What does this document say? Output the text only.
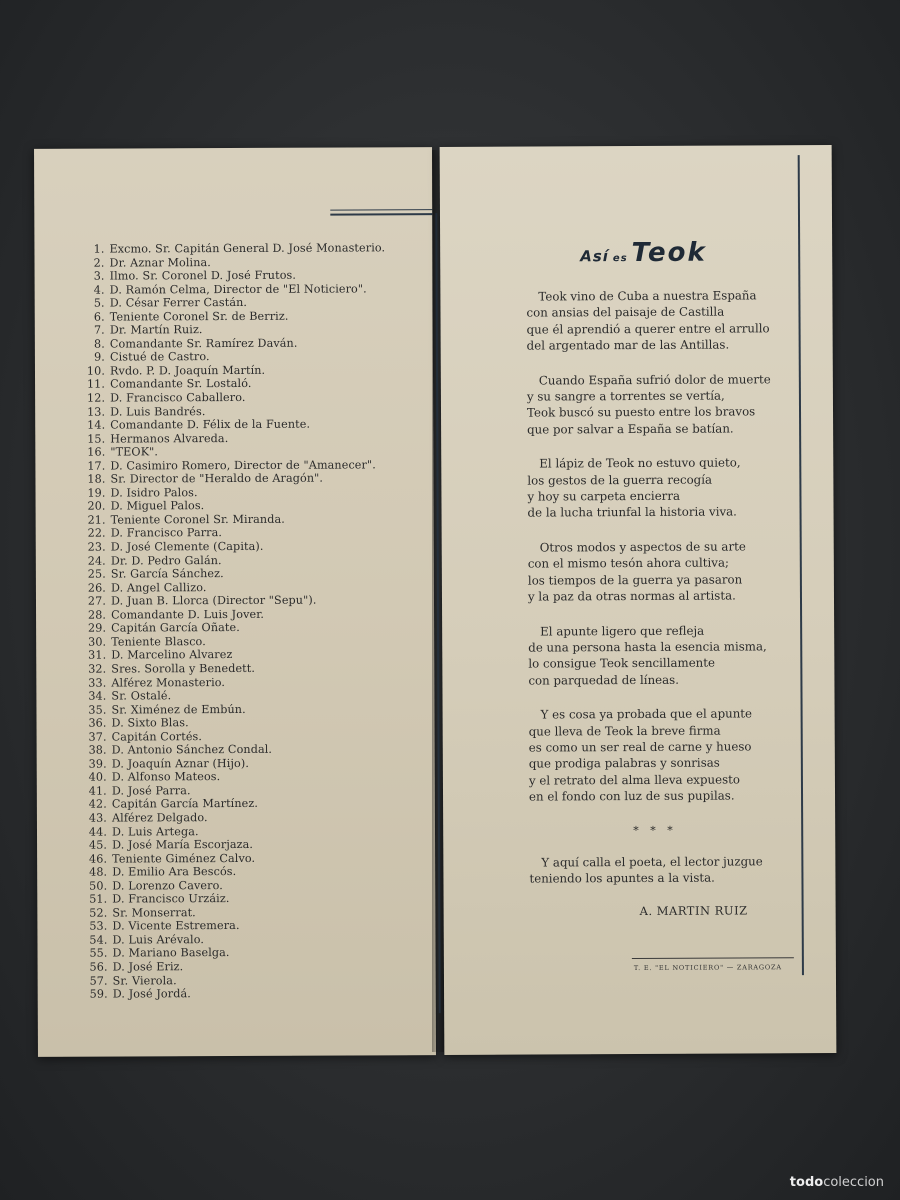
1. Excmo. Sr. Capitán General D. José Monasterio.
2. Dr. Aznar Molina.
3. Ilmo. Sr. Coronel D. José Frutos.
4. D. Ramón Celma, Director de "El Noticiero".
5. D. César Ferrer Castán.
6. Teniente Coronel Sr. de Berriz.
7. Dr. Martín Ruiz.
8. Comandante Sr. Ramírez Daván.
9. Cistué de Castro.
10. Rvdo. P. D. Joaquín Martín.
11. Comandante Sr. Lostaló.
12. D. Francisco Caballero.
13. D. Luis Bandrés.
14. Comandante D. Félix de la Fuente.
15. Hermanos Alvareda.
16. "TEOK".
17. D. Casimiro Romero, Director de "Amanecer".
18. Sr. Director de "Heraldo de Aragón".
19. D. Isidro Palos.
20. D. Miguel Palos.
21. Teniente Coronel Sr. Miranda.
22. D. Francisco Parra.
23. D. José Clemente (Capita).
24. Dr. D. Pedro Galán.
25. Sr. García Sánchez.
26. D. Angel Callizo.
27. D. Juan B. Llorca (Director "Sepu").
28. Comandante D. Luis Jover.
29. Capitán García Oñate.
30. Teniente Blasco.
31. D. Marcelino Alvarez
32. Sres. Sorolla y Benedett.
33. Alférez Monasterio.
34. Sr. Ostalé.
35. Sr. Ximénez de Embún.
36. D. Sixto Blas.
37. Capitán Cortés.
38. D. Antonio Sánchez Condal.
39. D. Joaquín Aznar (Hijo).
40. D. Alfonso Mateos.
41. D. José Parra.
42. Capitán García Martínez.
43. Alférez Delgado.
44. D. Luis Artega.
45. D. José María Escorjaza.
46. Teniente Giménez Calvo.
48. D. Emilio Ara Bescós.
50. D. Lorenzo Cavero.
51. D. Francisco Urzáiz.
52. Sr. Monserrat.
53. D. Vicente Estremera.
54. D. Luis Arévalo.
55. D. Mariano Baselga.
56. D. José Eriz.
57. Sr. Vierola.
59. D. José Jordá.
Así es Teok
Teok vino de Cuba a nuestra España
con ansias del paisaje de Castilla
que él aprendió a querer entre el arrullo
del argentado mar de las Antillas.
Cuando España sufrió dolor de muerte
y su sangre a torrentes se vertía,
Teok buscó su puesto entre los bravos
que por salvar a España se batían.
El lápiz de Teok no estuvo quieto,
los gestos de la guerra recogía
y hoy su carpeta encierra
de la lucha triunfal la historia viva.
Otros modos y aspectos de su arte
con el mismo tesón ahora cultiva;
los tiempos de la guerra ya pasaron
y la paz da otras normas al artista.
El apunte ligero que refleja
de una persona hasta la esencia misma,
lo consigue Teok sencillamente
con parquedad de líneas.
Y es cosa ya probada que el apunte
que lleva de Teok la breve firma
es como un ser real de carne y hueso
que prodiga palabras y sonrisas
y el retrato del alma lleva expuesto
en el fondo con luz de sus pupilas.
* * *
Y aquí calla el poeta, el lector juzgue
teniendo los apuntes a la vista.
A. MARTIN RUIZ
T. E. "EL NOTICIERO" — ZARAGOZA
todocoleccion
